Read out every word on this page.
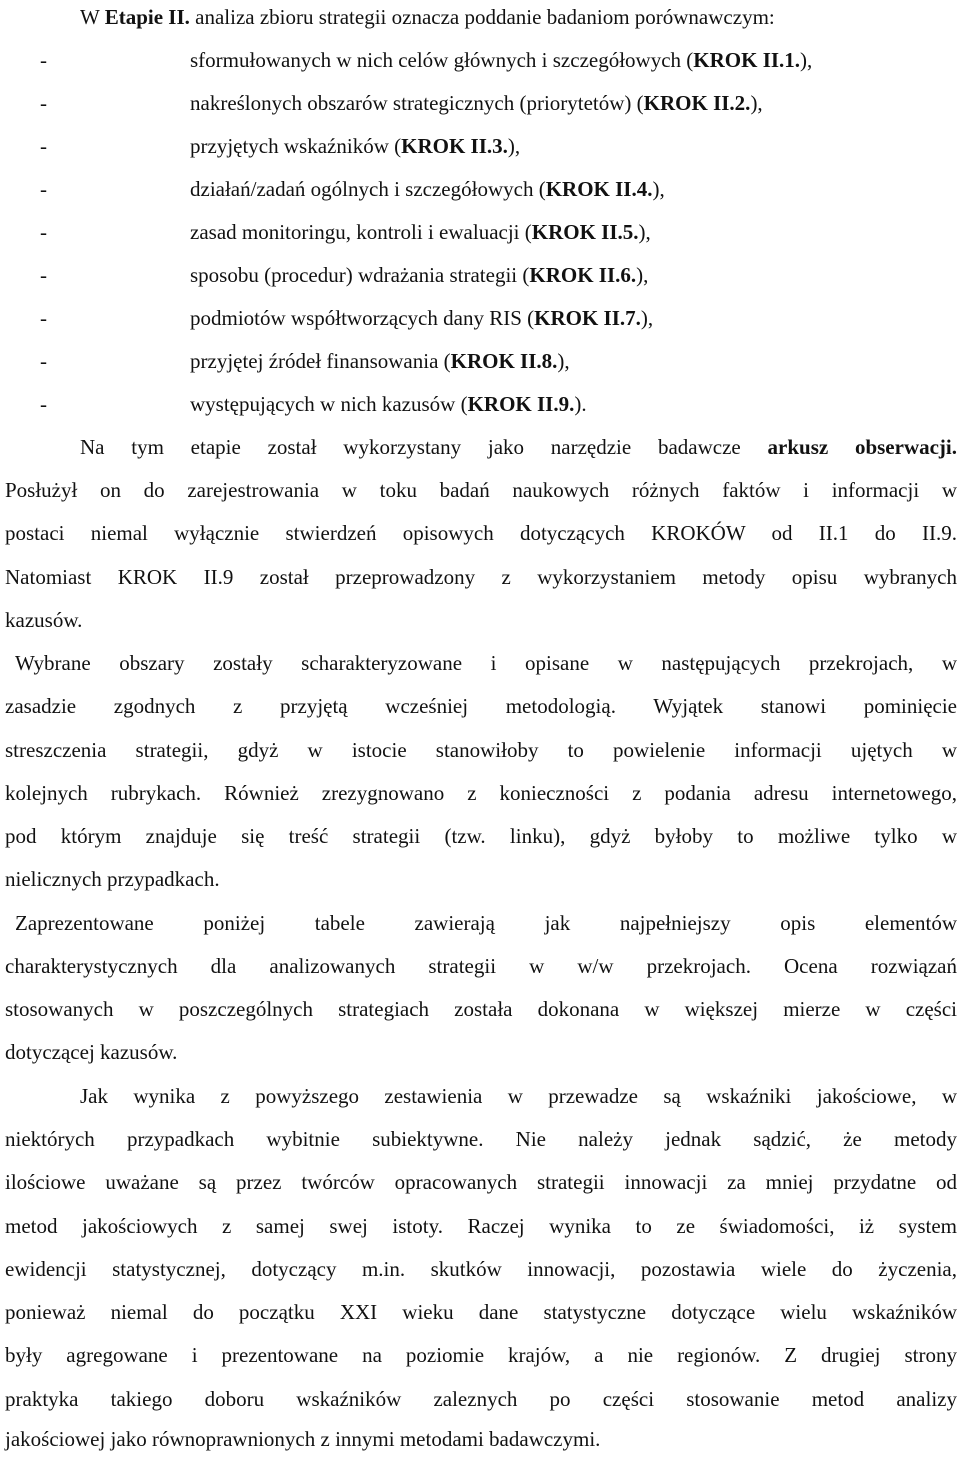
W Etapie II. analiza zbioru strategii oznacza poddanie badaniom porównawczym:
-	sformułowanych w nich celów głównych i szczegółowych (KROK II.1.),
-	nakreślonych obszarów strategicznych (priorytetów) (KROK II.2.),
-	przyjętych wskaźników (KROK II.3.),
-	działań/zadań ogólnych i szczegółowych (KROK II.4.),
-	zasad monitoringu, kontroli i ewaluacji (KROK II.5.),
-	sposobu (procedur) wdrażania strategii (KROK II.6.),
-	podmiotów współtworzących dany RIS (KROK II.7.),
-	przyjętej źródeł finansowania (KROK II.8.),
-	występujących w nich kazusów (KROK II.9.).
Na tym etapie został wykorzystany jako narzędzie badawcze arkusz obserwacji.
Posłużył on do zarejestrowania w toku badań naukowych różnych faktów i informacji w
postaci niemal wyłącznie stwierdzeń opisowych dotyczących KROKÓW od II.1 do II.9.
Natomiast KROK II.9 został przeprowadzony z wykorzystaniem metody opisu wybranych
kazusów.
Wybrane obszary zostały scharakteryzowane i opisane w następujących przekrojach, w
zasadzie zgodnych z przyjętą wcześniej metodologią. Wyjątek stanowi pominięcie
streszczenia strategii, gdyż w istocie stanowiłoby to powielenie informacji ujętych w
kolejnych rubrykach. Również zrezygnowano z konieczności z podania adresu internetowego,
pod którym znajduje się treść strategii (tzw. linku), gdyż byłoby to możliwe tylko w
nielicznych przypadkach.
Zaprezentowane poniżej tabele zawierają jak najpełniejszy opis elementów
charakterystycznych dla analizowanych strategii w w/w przekrojach. Ocena rozwiązań
stosowanych w poszczególnych strategiach została dokonana w większej mierze w części
dotyczącej kazusów.
Jak wynika z powyższego zestawienia w przewadze są wskaźniki jakościowe, w
niektórych przypadkach wybitnie subiektywne. Nie należy jednak sądzić, że metody
ilościowe uważane są przez twórców opracowanych strategii innowacji za mniej przydatne od
metod jakościowych z samej swej istoty. Raczej wynika to ze świadomości, iż system
ewidencji statystycznej, dotyczący m.in. skutków innowacji, pozostawia wiele do życzenia,
ponieważ niemal do początku XXI wieku dane statystyczne dotyczące wielu wskaźników
były agregowane i prezentowane na poziomie krajów, a nie regionów. Z drugiej strony
praktyka takiego doboru wskaźników zaleznych po części stosowanie metod analizy
jakościowej jako równoprawnionych z innymi metodami badawczymi.
